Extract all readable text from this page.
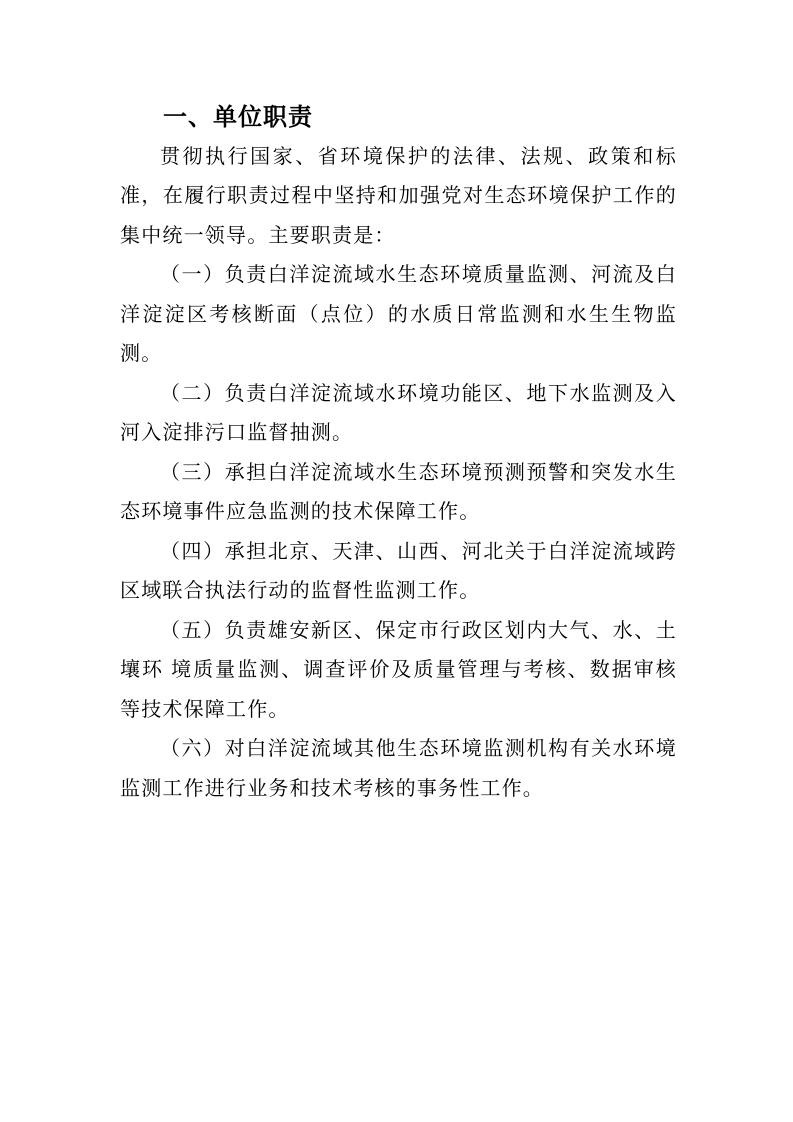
一、单位职责

贯彻执行国家、省环境保护的法律、法规、政策和标准，在履行职责过程中坚持和加强党对生态环境保护工作的集中统一领导。主要职责是：

（一）负责白洋淀流域水生态环境质量监测、河流及白洋淀淀区考核断面（点位）的水质日常监测和水生生物监测。

（二）负责白洋淀流域水环境功能区、地下水监测及入河入淀排污口监督抽测。

（三）承担白洋淀流域水生态环境预测预警和突发水生态环境事件应急监测的技术保障工作。

（四）承担北京、天津、山西、河北关于白洋淀流域跨区域联合执法行动的监督性监测工作。

（五）负责雄安新区、保定市行政区划内大气、水、土壤环 境质量监测、调查评价及质量管理与考核、数据审核等技术保障工作。

（六）对白洋淀流域其他生态环境监测机构有关水环境监测工作进行业务和技术考核的事务性工作。
